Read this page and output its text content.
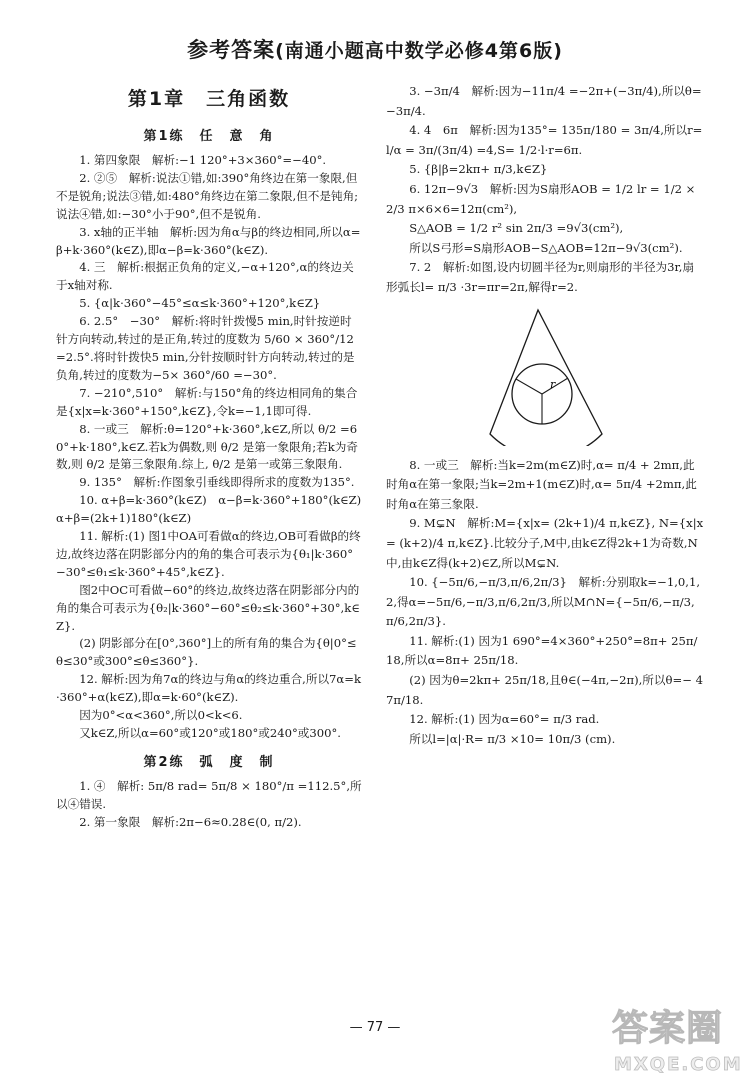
参考答案(南通小题高中数学必修4第6版)
第1章　三角函数
第1练　任　意　角

1. 第四象限　解析:−1 120°+3×360°=−40°.

2. ②⑤　解析:说法①错,如:390°角终边在第一象限,但不是锐角;说法③错,如:480°角终边在第二象限,但不是钝角;说法④错,如:−30°小于90°,但不是锐角.

3. x轴的正半轴　解析:因为角α与β的终边相同,所以α=β+k·360°(k∈Z),即α−β=k·360°(k∈Z).

4. 三　解析:根据正负角的定义,−α+120°,α的终边关于x轴对称.

5. {α|k·360°−45°≤α≤k·360°+120°,k∈Z}

6. 2.5°　−30°　解析:将时针拨慢5 min,时针按逆时针方向转动,转过的是正角,转过的度数为 5/60 × 360°/12 =2.5°.将时针拨快5 min,分针按顺时针方向转动,转过的是负角,转过的度数为−5× 360°/60 =−30°.

7. −210°,510°　解析:与150°角的终边相同角的集合是{x|x=k·360°+150°,k∈Z},令k=−1,1即可得.

8. 一或三　解析:θ=120°+k·360°,k∈Z,所以 θ/2 =60°+k·180°,k∈Z.若k为偶数,则 θ/2 是第一象限角;若k为奇数,则 θ/2 是第三象限角.综上, θ/2 是第一或第三象限角.

9. 135°　解析:作图象引垂线即得所求的度数为135°.

10. α+β=k·360°(k∈Z)　α−β=k·360°+180°(k∈Z)　α+β=(2k+1)180°(k∈Z)

11. 解析:(1) 图1中OA可看做α的终边,OB可看做β的终边,故终边落在阴影部分内的角的集合可表示为{θ₁|k·360°−30°≤θ₁≤k·360°+45°,k∈Z}.

图2中OC可看做−60°的终边,故终边落在阴影部分内的角的集合可表示为{θ₂|k·360°−60°≤θ₂≤k·360°+30°,k∈Z}.

(2) 阴影部分在[0°,360°]上的所有角的集合为{θ|0°≤θ≤30°或300°≤θ≤360°}.

12. 解析:因为角7α的终边与角α的终边重合,所以7α=k·360°+α(k∈Z),即α=k·60°(k∈Z).

因为0°<α<360°,所以0<k<6.

又k∈Z,所以α=60°或120°或180°或240°或300°.

第2练　弧　度　制

1. ④　解析: 5π/8 rad= 5π/8 × 180°/π =112.5°,所以④错误.

2. 第一象限　解析:2π−6≈0.28∈(0, π/2).

3. −3π/4　解析:因为−11π/4 =−2π+(−3π/4),所以θ=−3π/4.

4. 4　6π　解析:因为135°= 135π/180 = 3π/4,所以r= l/α = 3π/(3π/4) =4,S= 1/2·l·r=6π.

5. {β|β=2kπ+ π/3,k∈Z}

6. 12π−9√3　解析:因为S扇形AOB = 1/2 lr = 1/2 × 2/3 π×6×6=12π(cm²),

S△AOB = 1/2 r² sin 2π/3 =9√3(cm²),

所以S弓形=S扇形AOB−S△AOB=12π−9√3(cm²).

7. 2　解析:如图,设内切圆半径为r,则扇形的半径为3r,扇形弧长l= π/3 ·3r=πr=2π,解得r=2.

r

8. 一或三　解析:当k=2m(m∈Z)时,α= π/4 + 2mπ,此时角α在第一象限;当k=2m+1(m∈Z)时,α= 5π/4 +2mπ,此时角α在第三象限.

9. M⊊N　解析:M={x|x= (2k+1)/4 π,k∈Z}, N={x|x= (k+2)/4 π,k∈Z}.比较分子,M中,由k∈Z得2k+1为奇数,N中,由k∈Z得(k+2)∈Z,所以M⊊N.

10. {−5π/6,−π/3,π/6,2π/3}　解析:分别取k=−1,0,1,2,得α=−5π/6,−π/3,π/6,2π/3,所以M∩N={−5π/6,−π/3,π/6,2π/3}.

11. 解析:(1) 因为1 690°=4×360°+250°=8π+ 25π/18,所以α=8π+ 25π/18.

(2) 因为θ=2kπ+ 25π/18,且θ∈(−4π,−2π),所以θ=− 47π/18.

12. 解析:(1) 因为α=60°= π/3 rad.

所以l=|α|·R= π/3 ×10= 10π/3 (cm).

— 77 —	答案圈
MXQE.COM
